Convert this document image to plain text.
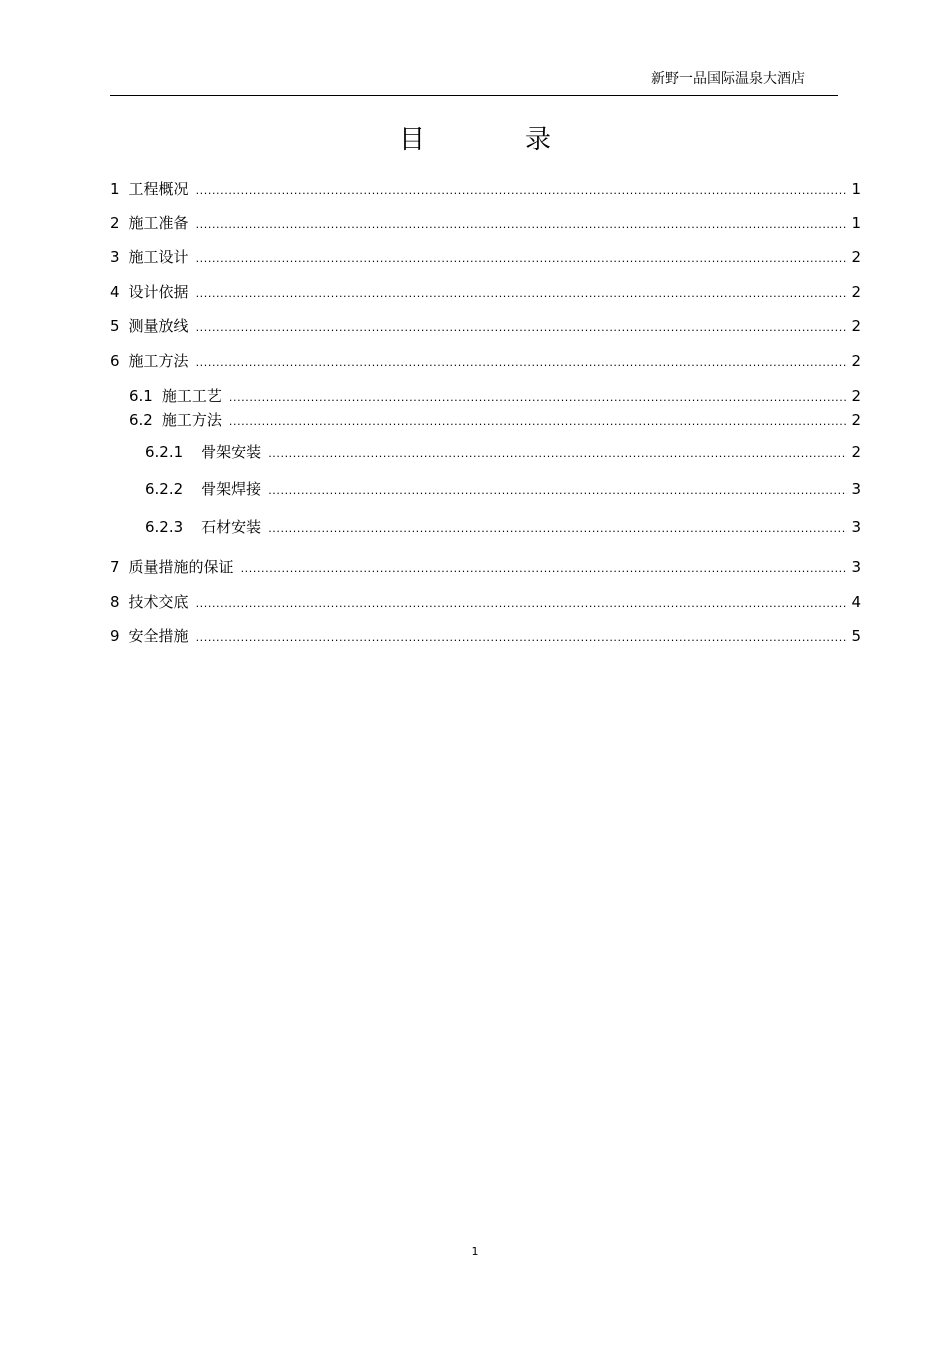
新野一品国际温泉大酒店
目	录
1 工程概况 .....	1
2 施工准备 .....	1
3 施工设计 .....	2
4 设计依据 .....	2
5 测量放线 .....	2
6 施工方法 .....	2
6.1 施工工艺 .....	2
6.2 施工方法 .....	2
6.2.1 骨架安装 .....	2
6.2.2 骨架焊接 .....	3
6.2.3 石材安装 .....	3
7 质量措施的保证 .....	3
8 技术交底 .....	4
9 安全措施 .....	5
1
